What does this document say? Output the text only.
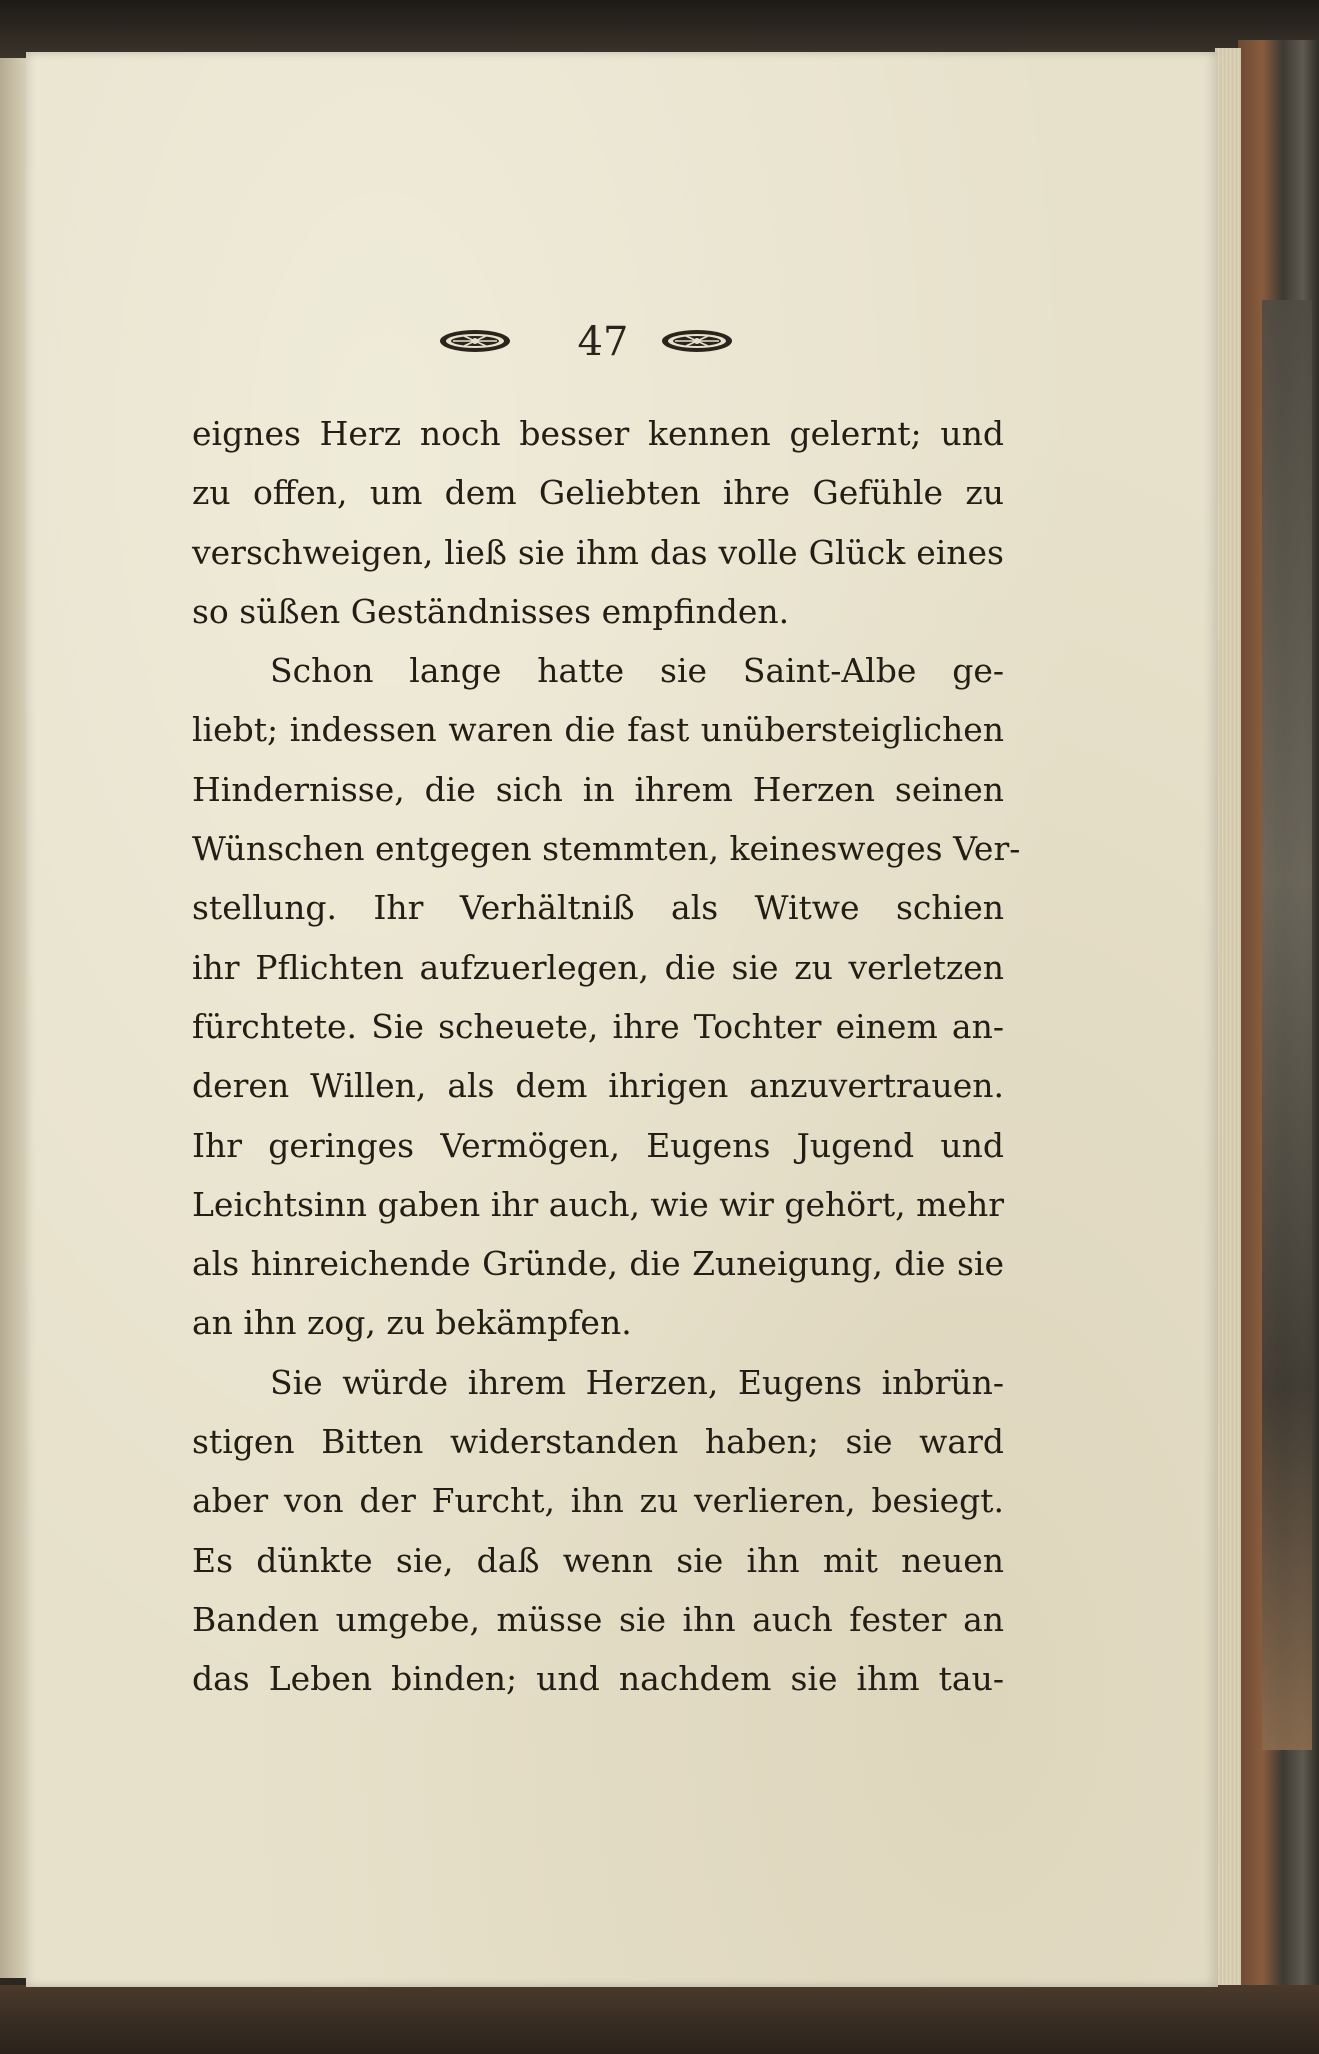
47
eignes Herz noch besser kennen gelernt; und
zu offen, um dem Geliebten ihre Gefühle zu
verschweigen, ließ sie ihm das volle Glück eines
so süßen Geständnisses empfinden.
Schon lange hatte sie Saint-Albe ge-
liebt; indessen waren die fast unübersteiglichen
Hindernisse, die sich in ihrem Herzen seinen
Wünschen entgegen stemmten, keinesweges Ver-
stellung. Ihr Verhältniß als Witwe schien
ihr Pflichten aufzuerlegen, die sie zu verletzen
fürchtete. Sie scheuete, ihre Tochter einem an-
deren Willen, als dem ihrigen anzuvertrauen.
Ihr geringes Vermögen, Eugens Jugend und
Leichtsinn gaben ihr auch, wie wir gehört, mehr
als hinreichende Gründe, die Zuneigung, die sie
an ihn zog, zu bekämpfen.
Sie würde ihrem Herzen, Eugens inbrün-
stigen Bitten widerstanden haben; sie ward
aber von der Furcht, ihn zu verlieren, besiegt.
Es dünkte sie, daß wenn sie ihn mit neuen
Banden umgebe, müsse sie ihn auch fester an
das Leben binden; und nachdem sie ihm tau-
